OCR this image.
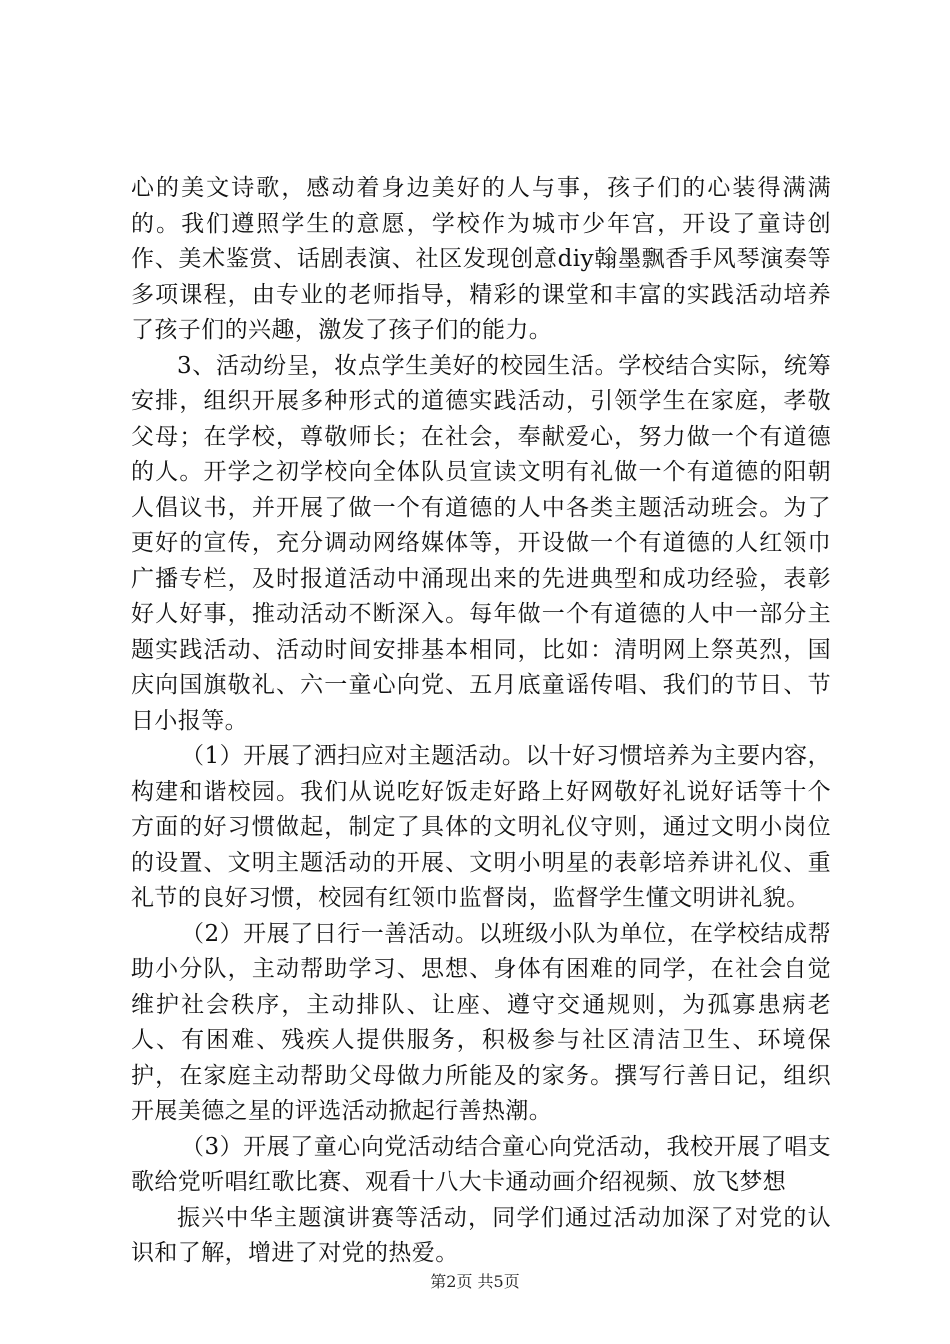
心的美文诗歌，感动着身边美好的人与事，孩子们的心装得满满的。我们遵照学生的意愿，学校作为城市少年宫，开设了童诗创作、美术鉴赏、话剧表演、社区发现创意diy翰墨飘香手风琴演奏等多项课程，由专业的老师指导，精彩的课堂和丰富的实践活动培养了孩子们的兴趣，激发了孩子们的能力。

3、活动纷呈，妆点学生美好的校园生活。学校结合实际，统筹安排，组织开展多种形式的道德实践活动，引领学生在家庭，孝敬父母；在学校，尊敬师长；在社会，奉献爱心，努力做一个有道德的人。开学之初学校向全体队员宣读文明有礼做一个有道德的阳朝人倡议书，并开展了做一个有道德的人中各类主题活动班会。为了更好的宣传，充分调动网络媒体等，开设做一个有道德的人红领巾广播专栏，及时报道活动中涌现出来的先进典型和成功经验，表彰好人好事，推动活动不断深入。每年做一个有道德的人中一部分主题实践活动、活动时间安排基本相同，比如：清明网上祭英烈，国庆向国旗敬礼、六一童心向党、五月底童谣传唱、我们的节日、节日小报等。

（1）开展了洒扫应对主题活动。以十好习惯培养为主要内容，构建和谐校园。我们从说吃好饭走好路上好网敬好礼说好话等十个方面的好习惯做起，制定了具体的文明礼仪守则，通过文明小岗位的设置、文明主题活动的开展、文明小明星的表彰培养讲礼仪、重礼节的良好习惯，校园有红领巾监督岗，监督学生懂文明讲礼貌。

（2）开展了日行一善活动。以班级小队为单位，在学校结成帮助小分队，主动帮助学习、思想、身体有困难的同学，在社会自觉维护社会秩序，主动排队、让座、遵守交通规则，为孤寡患病老人、有困难、残疾人提供服务，积极参与社区清洁卫生、环境保护，在家庭主动帮助父母做力所能及的家务。撰写行善日记，组织开展美德之星的评选活动掀起行善热潮。

（3）开展了童心向党活动结合童心向党活动，我校开展了唱支歌给党听唱红歌比赛、观看十八大卡通动画介绍视频、放飞梦想

振兴中华主题演讲赛等活动，同学们通过活动加深了对党的认识和了解，增进了对党的热爱。

第2页 共5页
